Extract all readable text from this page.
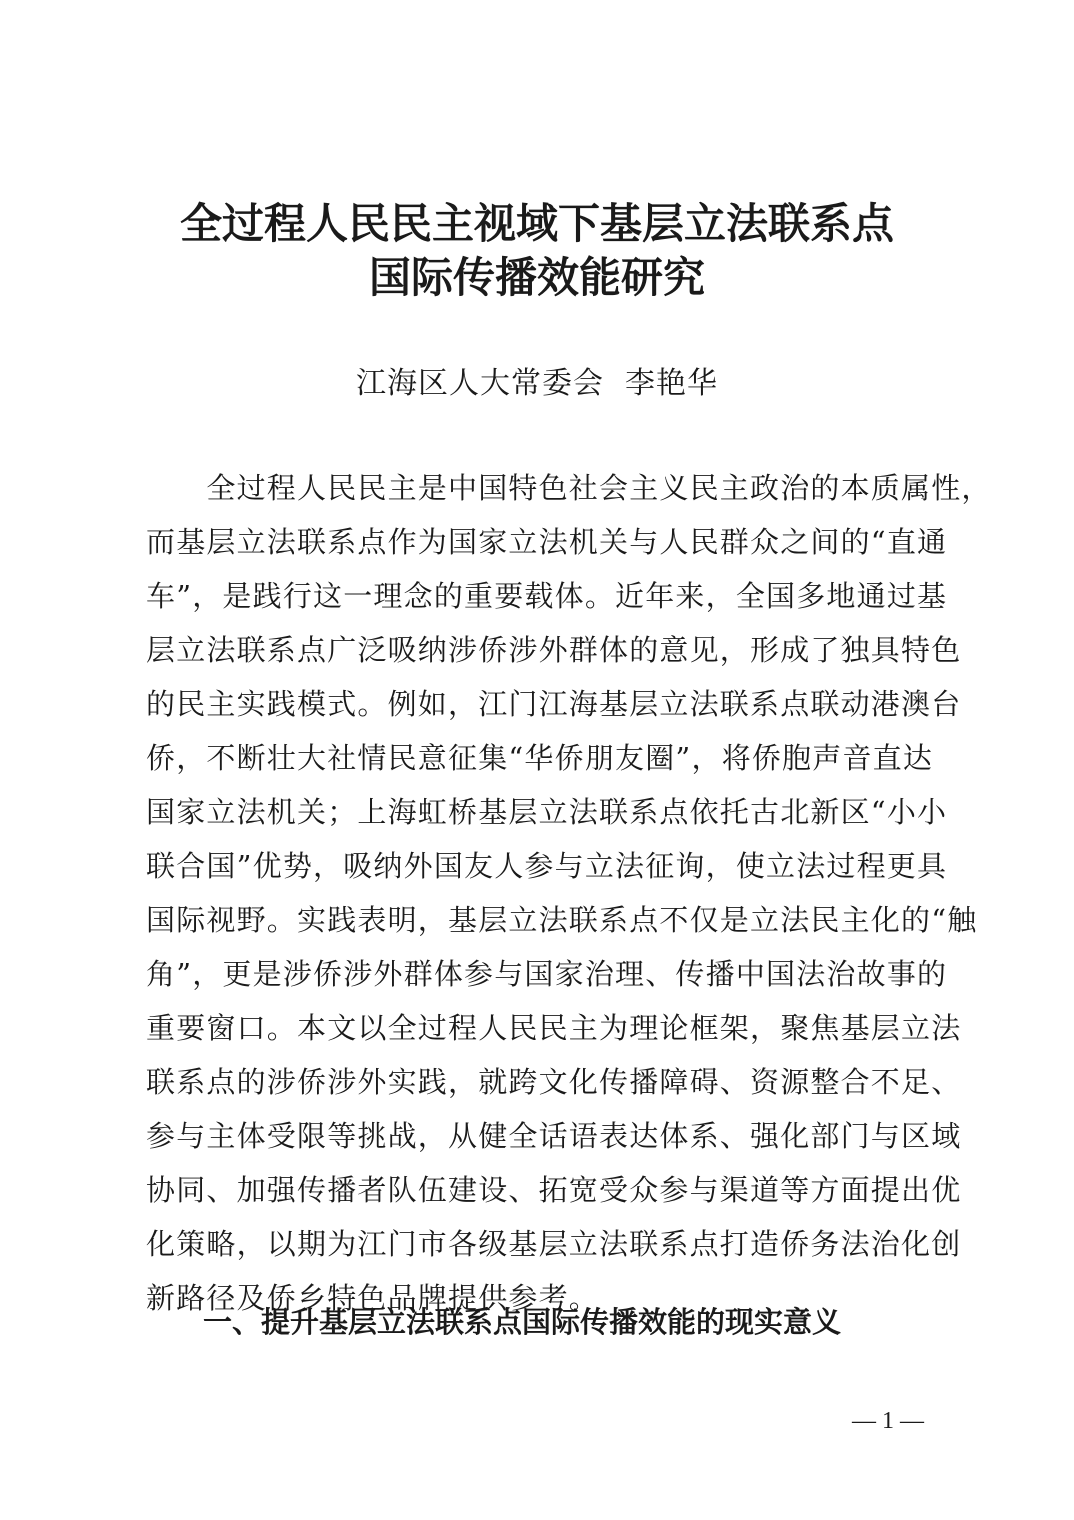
全过程人民民主视域下基层立法联系点
国际传播效能研究

江海区人大常委会  李艳华

　　全过程人民民主是中国特色社会主义民主政治的本质属性，
而基层立法联系点作为国家立法机关与人民群众之间的“直通
车”，是践行这一理念的重要载体。近年来，全国多地通过基
层立法联系点广泛吸纳涉侨涉外群体的意见，形成了独具特色
的民主实践模式。例如，江门江海基层立法联系点联动港澳台
侨，不断壮大社情民意征集“华侨朋友圈”，将侨胞声音直达
国家立法机关；上海虹桥基层立法联系点依托古北新区“小小
联合国”优势，吸纳外国友人参与立法征询，使立法过程更具
国际视野。实践表明，基层立法联系点不仅是立法民主化的“触
角”，更是涉侨涉外群体参与国家治理、传播中国法治故事的
重要窗口。本文以全过程人民民主为理论框架，聚焦基层立法
联系点的涉侨涉外实践，就跨文化传播障碍、资源整合不足、
参与主体受限等挑战，从健全话语表达体系、强化部门与区域
协同、加强传播者队伍建设、拓宽受众参与渠道等方面提出优
化策略，以期为江门市各级基层立法联系点打造侨务法治化创
新路径及侨乡特色品牌提供参考。
一、提升基层立法联系点国际传播效能的现实意义
— 1 —
